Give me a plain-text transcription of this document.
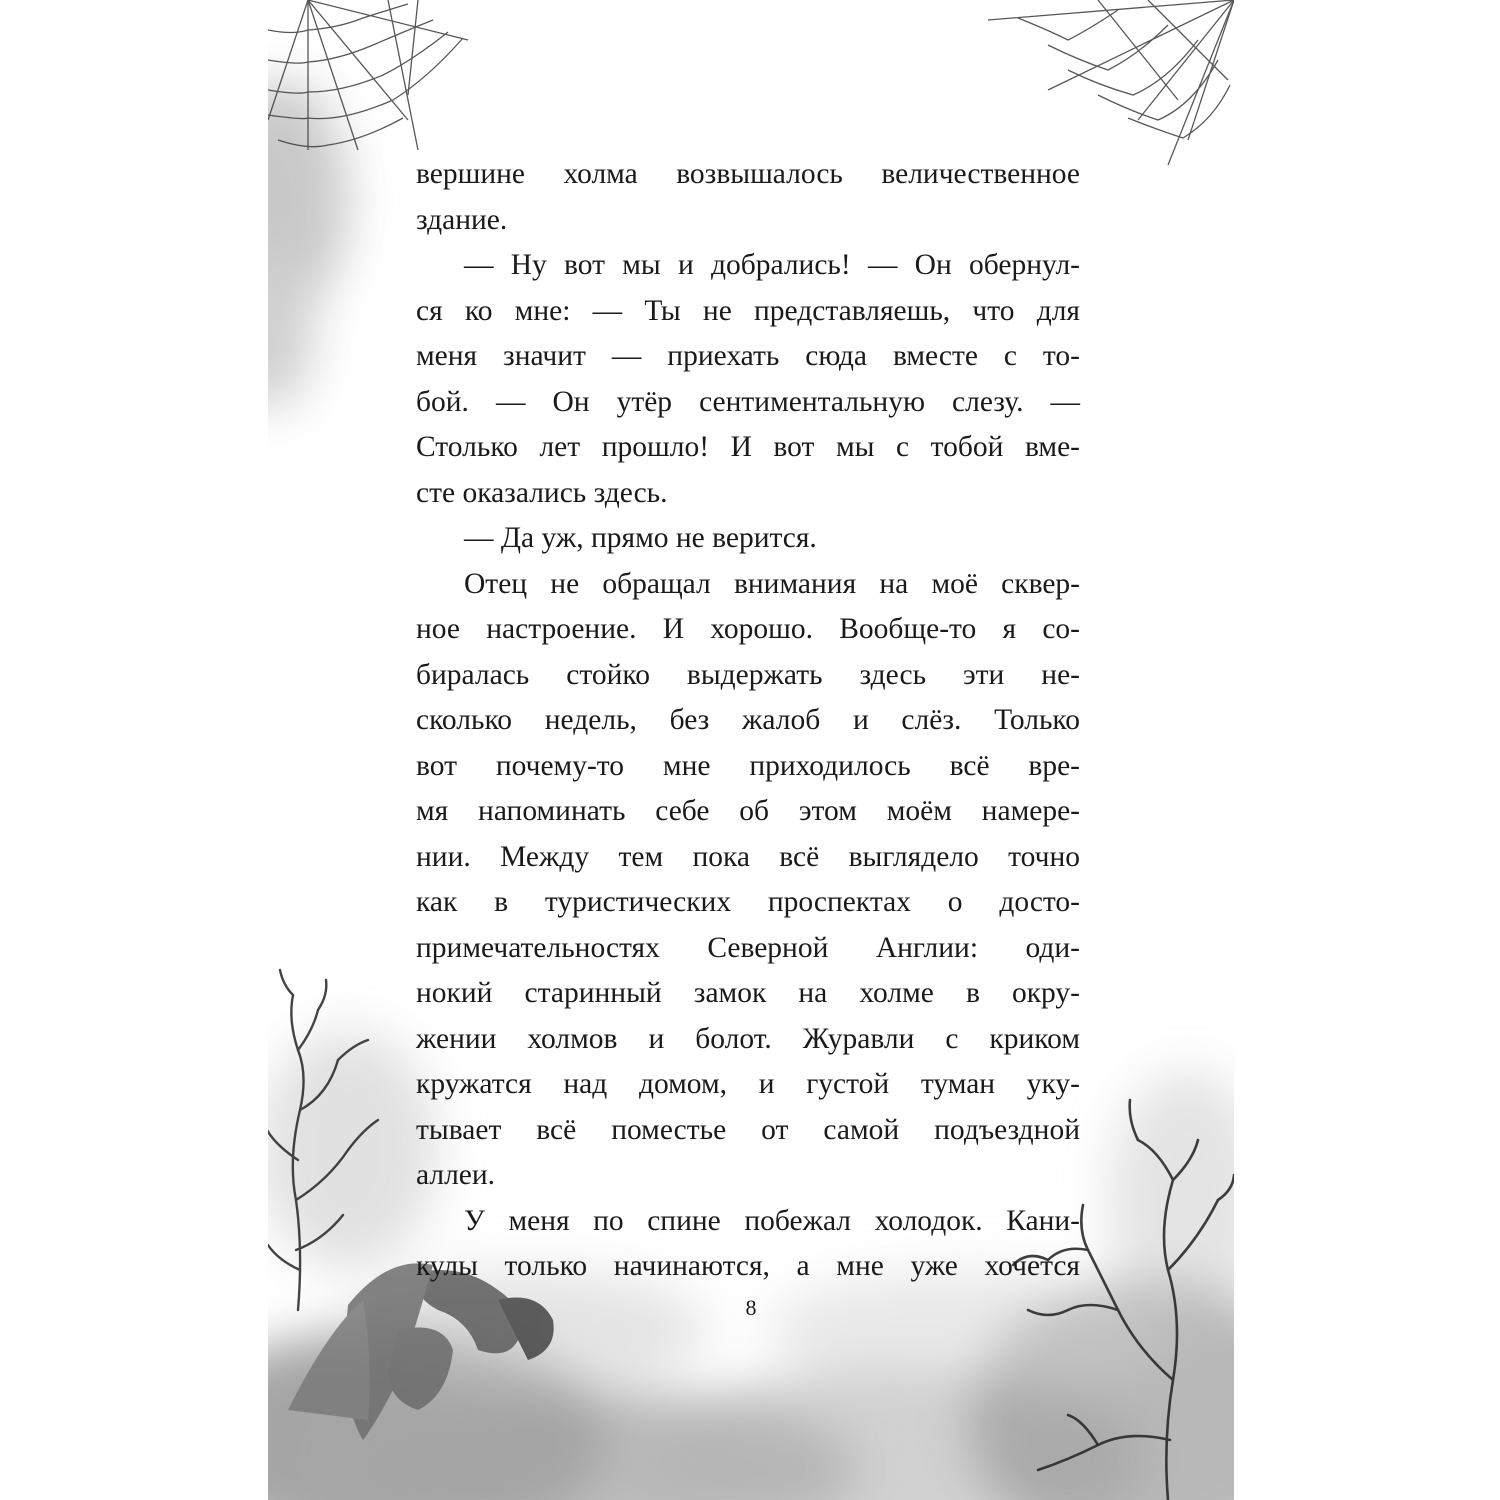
вершине холма возвышалось величественное
здание.
— Ну вот мы и добрались! — Он обернул-
ся ко мне: — Ты не представляешь, что для
меня значит — приехать сюда вместе с то-
бой. — Он утёр сентиментальную слезу. —
Столько лет прошло! И вот мы с тобой вме-
сте оказались здесь.
— Да уж, прямо не верится.
Отец не обращал внимания на моё сквер-
ное настроение. И хорошо. Вообще-то я со-
биралась стойко выдержать здесь эти не-
сколько недель, без жалоб и слёз. Только
вот почему-то мне приходилось всё вре-
мя напоминать себе об этом моём намере-
нии. Между тем пока всё выглядело точно
как в туристических проспектах о досто-
примечательностях Северной Англии: оди-
нокий старинный замок на холме в окру-
жении холмов и болот. Журавли с криком
кружатся над домом, и густой туман уку-
тывает всё поместье от самой подъездной
аллеи.
У меня по спине побежал холодок. Кани-
кулы только начинаются, а мне уже хочется
8
